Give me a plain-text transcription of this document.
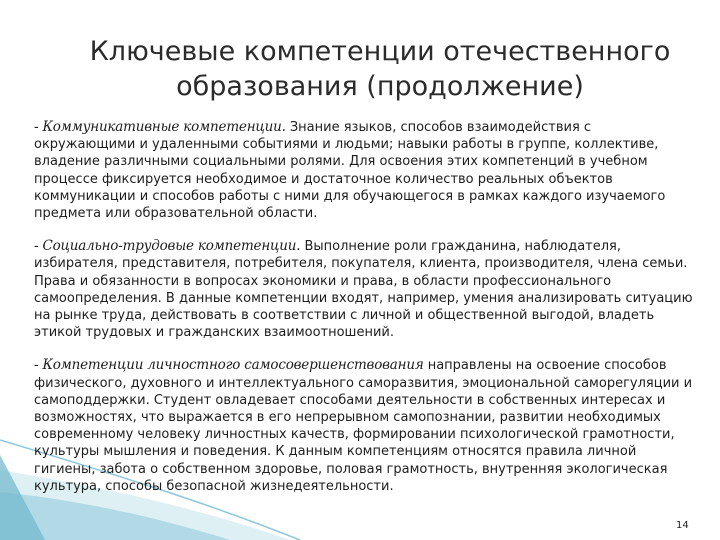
Ключевые компетенции отечественного
образования (продолжение)

- Коммуникативные компетенции. Знание языков, способов взаимодействия с окружающими и удаленными событиями и людьми; навыки работы в группе, коллективе, владение различными социальными ролями. Для освоения этих компетенций в учебном процессе фиксируется необходимое и достаточное количество реальных объектов коммуникации и способов работы с ними для обучающегося в рамках каждого изучаемого предмета или образовательной области.

- Социально-трудовые компетенции. Выполнение роли гражданина, наблюдателя, избирателя, представителя, потребителя, покупателя, клиента, производителя, члена семьи. Права и обязанности в вопросах экономики и права, в области профессионального самоопределения. В данные компетенции входят, например, умения анализировать ситуацию на рынке труда, действовать в соответствии с личной и общественной выгодой, владеть этикой трудовых и гражданских взаимоотношений.

- Компетенции личностного самосовершенствования направлены на освоение способов физического, духовного и интеллектуального саморазвития, эмоциональной саморегуляции и самоподдержки. Студент овладевает способами деятельности в собственных интересах и возможностях, что выражается в его непрерывном самопознании, развитии необходимых современному человеку личностных качеств, формировании психологической грамотности, культуры мышления и поведения. К данным компетенциям относятся правила личной гигиены, забота о собственном здоровье, половая грамотность, внутренняя экологическая культура, способы безопасной жизнедеятельности.

14
